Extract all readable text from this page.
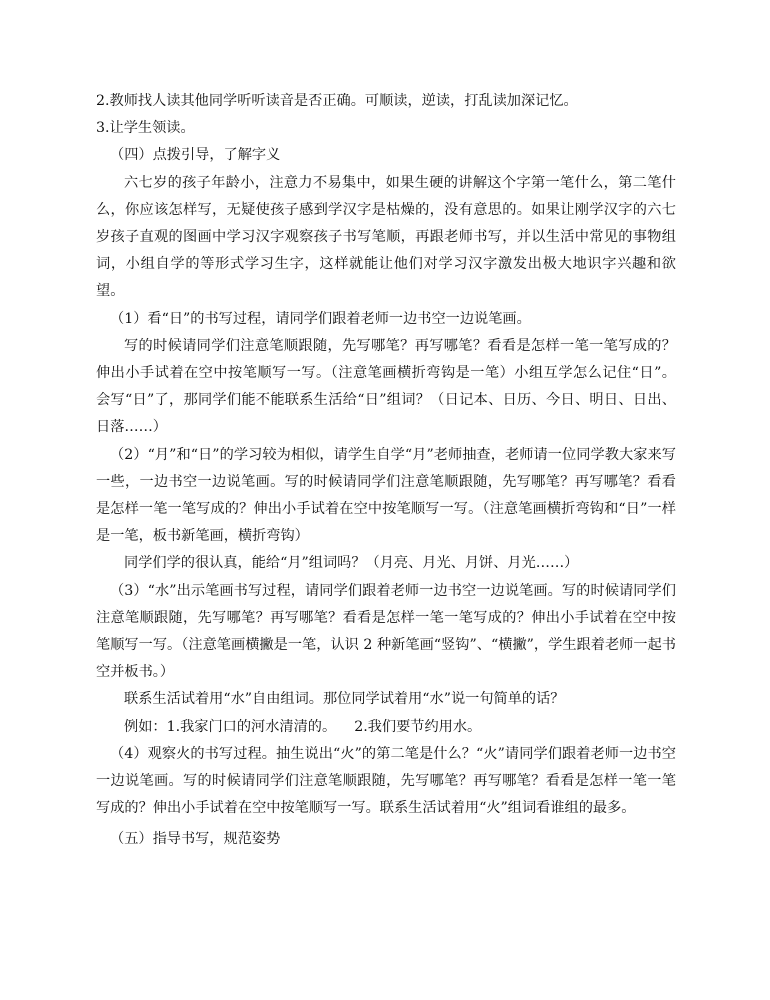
2.教师找人读其他同学听听读音是否正确。可顺读，逆读，打乱读加深记忆。

3.让学生领读。

（四）点拨引导，了解字义

六七岁的孩子年龄小，注意力不易集中，如果生硬的讲解这个字第一笔什么，第二笔什么，你应该怎样写，无疑使孩子感到学汉字是枯燥的，没有意思的。如果让刚学汉字的六七岁孩子直观的图画中学习汉字观察孩子书写笔顺，再跟老师书写，并以生活中常见的事物组词，小组自学的等形式学习生字，这样就能让他们对学习汉字激发出极大地识字兴趣和欲望。

（1）看“日”的书写过程，请同学们跟着老师一边书空一边说笔画。

写的时候请同学们注意笔顺跟随，先写哪笔？再写哪笔？看看是怎样一笔一笔写成的？伸出小手试着在空中按笔顺写一写。（注意笔画横折弯钩是一笔）小组互学怎么记住“日”。            会写“日”了，那同学们能不能联系生活给“日”组词？（日记本、日历、今日、明日、日出、日落……）

（2）“月”和“日”的学习较为相似，请学生自学“月”老师抽查，老师请一位同学教大家来写一些，一边书空一边说笔画。写的时候请同学们注意笔顺跟随，先写哪笔？再写哪笔？看看是怎样一笔一笔写成的？伸出小手试着在空中按笔顺写一写。（注意笔画横折弯钩和“日”一样是一笔，板书新笔画，横折弯钩）

同学们学的很认真，能给“月”组词吗？（月亮、月光、月饼、月光……）

（3）“水”出示笔画书写过程，请同学们跟着老师一边书空一边说笔画。写的时候请同学们注意笔顺跟随，先写哪笔？再写哪笔？看看是怎样一笔一笔写成的？伸出小手试着在空中按笔顺写一写。（注意笔画横撇是一笔，认识 2 种新笔画“竖钩”、“横撇”，学生跟着老师一起书空并板书。）

联系生活试着用“水”自由组词。那位同学试着用“水”说一句简单的话？

例如：1.我家门口的河水清清的。    2.我们要节约用水。

（4）观察火的书写过程。抽生说出“火”的第二笔是什么？“火”请同学们跟着老师一边书空一边说笔画。写的时候请同学们注意笔顺跟随，先写哪笔？再写哪笔？看看是怎样一笔一笔写成的？伸出小手试着在空中按笔顺写一写。联系生活试着用“火”组词看谁组的最多。

（五）指导书写，规范姿势
